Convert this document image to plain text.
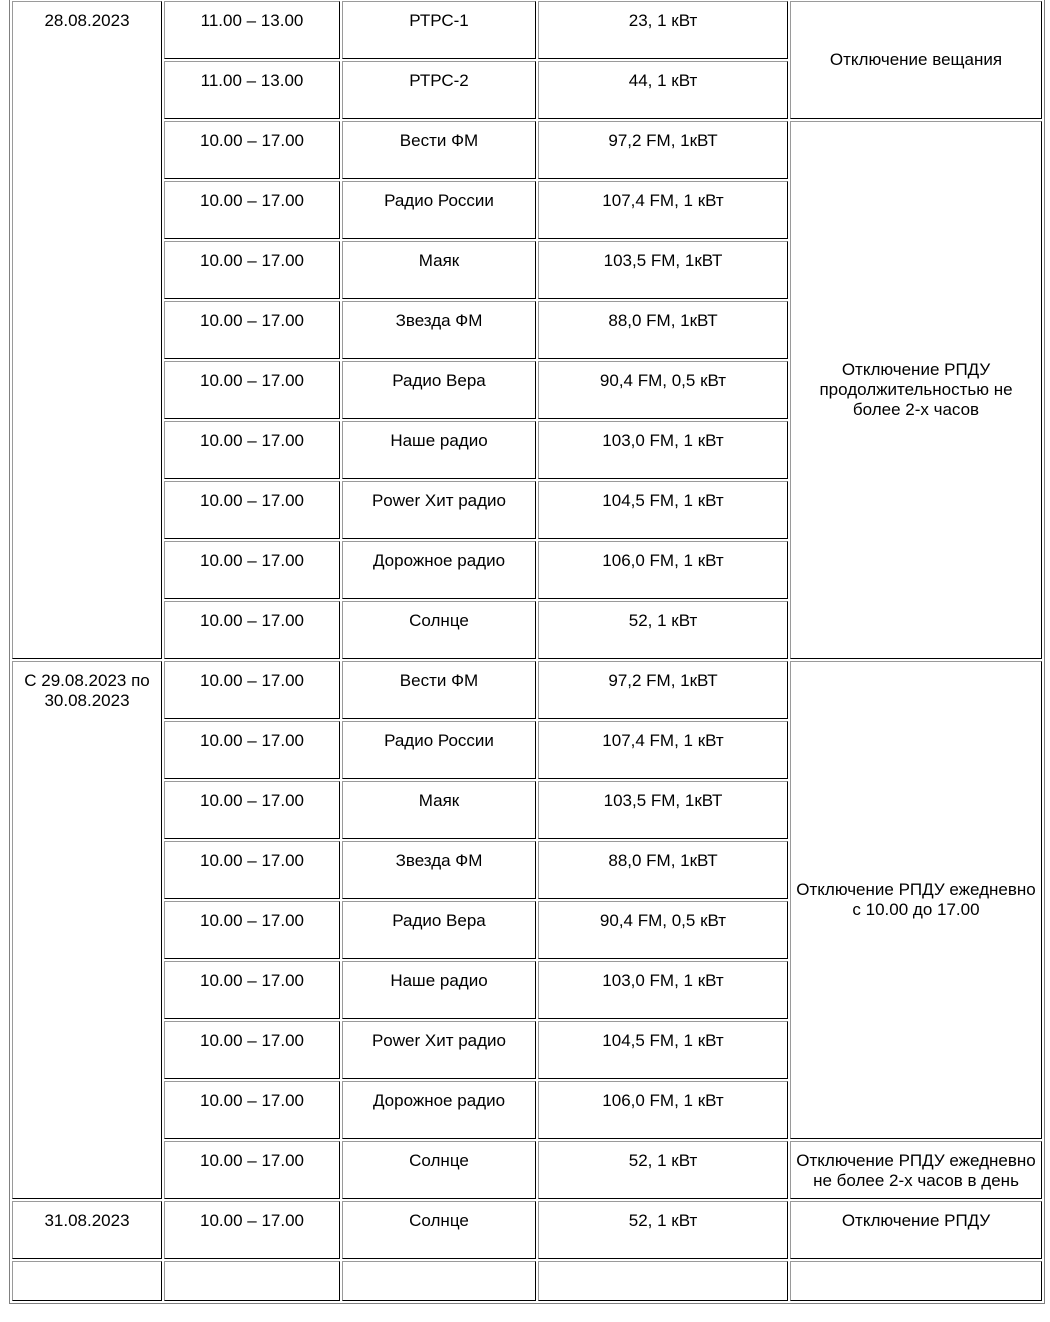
28.08.2023	11.00 – 13.00	РТРС-1	23, 1 кВт	Отключение вещания
	11.00 – 13.00	РТРС-2	44, 1 кВт	
	10.00 – 17.00	Вести ФМ	97,2 FM, 1кВТ	Отключение РПДУ продолжительностью не более 2-х часов
	10.00 – 17.00	Радио России	107,4 FM, 1 кВт	
	10.00 – 17.00	Маяк	103,5 FM, 1кВТ	
	10.00 – 17.00	Звезда ФМ	88,0 FM, 1кВТ	
	10.00 – 17.00	Радио Вера	90,4 FM, 0,5 кВт	
	10.00 – 17.00	Наше радио	103,0 FM, 1 кВт	
	10.00 – 17.00	Power Хит радио	104,5 FM, 1 кВт	
	10.00 – 17.00	Дорожное радио	106,0 FM, 1 кВт	
	10.00 – 17.00	Солнце	52, 1 кВт	
С 29.08.2023 по 30.08.2023	10.00 – 17.00	Вести ФМ	97,2 FM, 1кВТ	Отключение РПДУ ежедневно с 10.00 до 17.00
	10.00 – 17.00	Радио России	107,4 FM, 1 кВт	
	10.00 – 17.00	Маяк	103,5 FM, 1кВТ	
	10.00 – 17.00	Звезда ФМ	88,0 FM, 1кВТ	
	10.00 – 17.00	Радио Вера	90,4 FM, 0,5 кВт	
	10.00 – 17.00	Наше радио	103,0 FM, 1 кВт	
	10.00 – 17.00	Power Хит радио	104,5 FM, 1 кВт	
	10.00 – 17.00	Дорожное радио	106,0 FM, 1 кВт	
	10.00 – 17.00	Солнце	52, 1 кВт	Отключение РПДУ ежедневно не более 2-х часов в день
31.08.2023	10.00 – 17.00	Солнце	52, 1 кВт	Отключение РПДУ
